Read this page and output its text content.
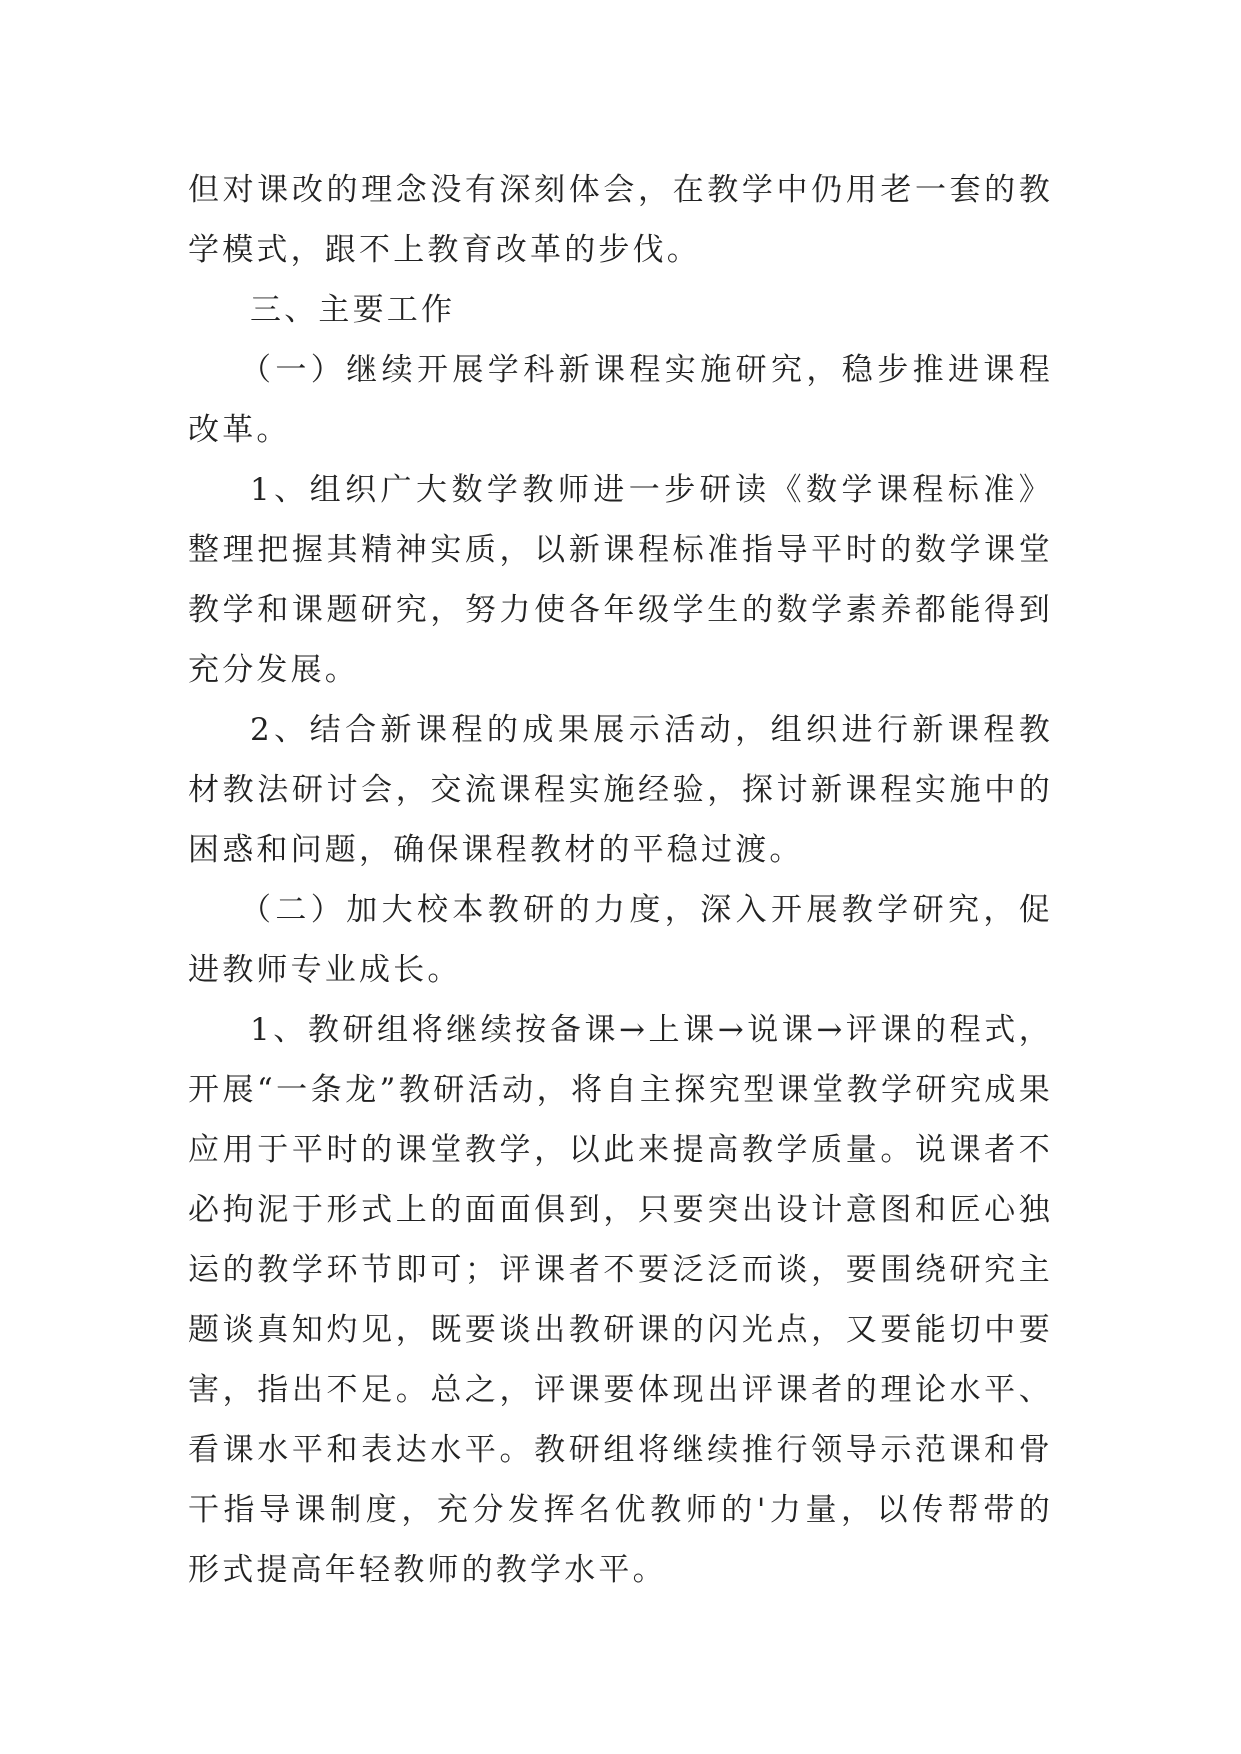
但对课改的理念没有深刻体会，在教学中仍用老一套的教学模式，跟不上教育改革的步伐。

三、主要工作

（一）继续开展学科新课程实施研究，稳步推进课程改革。

1、组织广大数学教师进一步研读《数学课程标准》整理把握其精神实质，以新课程标准指导平时的数学课堂教学和课题研究，努力使各年级学生的数学素养都能得到充分发展。

2、结合新课程的成果展示活动，组织进行新课程教材教法研讨会，交流课程实施经验，探讨新课程实施中的困惑和问题，确保课程教材的平稳过渡。

（二）加大校本教研的力度，深入开展教学研究，促进教师专业成长。

1、教研组将继续按备课→上课→说课→评课的程式，开展“一条龙”教研活动，将自主探究型课堂教学研究成果应用于平时的课堂教学，以此来提高教学质量。说课者不必拘泥于形式上的面面俱到，只要突出设计意图和匠心独运的教学环节即可；评课者不要泛泛而谈，要围绕研究主题谈真知灼见，既要谈出教研课的闪光点，又要能切中要害，指出不足。总之，评课要体现出评课者的理论水平、看课水平和表达水平。教研组将继续推行领导示范课和骨干指导课制度，充分发挥名优教师的'力量，以传帮带的形式提高年轻教师的教学水平。
